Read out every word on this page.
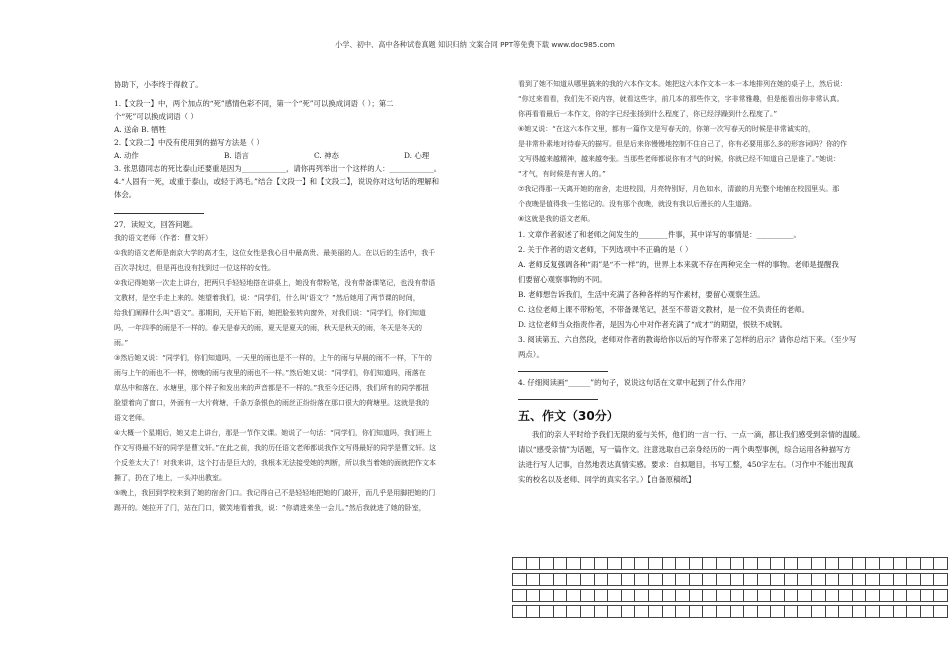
小学、初中、高中各种试卷真题 知识归纳 文案合同 PPT等免费下载 www.doc985.com
协助下，小李终于得救了。
1.【文段一】中，两个加点的“死”感情色彩不同，第一个“死”可以换成词语（ ）；第二
个“死”可以换成词语（ ）
A. 送命 B. 牺牲
2.【文段二】中没有使用到的描写方法是（ ）
A. 动作	B. 语言	C. 神态	D. 心理
3. 张思德同志的死比泰山还要重是因为____________，请你再列举出一个这样的人：____________。
4.“人固有一死，或重于泰山，或轻于鸿毛。”结合【文段一】和【文段二】，说说你对这句话的理解和
体会。
27．读短文，回答问题。
我的语文老师（作者：曹文轩）
①我的语文老师是南京大学的高才生，这位女性是我心目中最高贵、最美丽的人。在以后的生活中，我千
百次寻找过，但是再也没有找到过一位这样的女性。
②我记得她第一次走上讲台，把两只手轻轻地搭在讲桌上，她没有带粉笔，没有带备课笔记，也没有带语
文教材，是空手走上来的。她望着我们，说：“同学们，什么叫‘语文’？”然后她用了两节课的时间，
给我们阐释什么叫“语文”。那期间，天开始下雨，她把脸张转向窗外，对我们说：“同学们，你们知道
吗，一年四季的雨是不一样的。春天是春天的雨，夏天是夏天的雨，秋天是秋天的雨，冬天是冬天的
雨。”
③然后她又说：“同学们，你们知道吗，一天里的雨也是不一样的，上午的雨与早晨的雨不一样，下午的
雨与上午的雨也不一样，傍晚的雨与夜里的雨也不一样。”然后她又说：“同学们，你们知道吗，雨落在
草丛中和落在、水塘里，那个样子和发出来的声音都是不一样的。”我至今还记得，我们所有的同学都扭
脸望着向了窗口，外面有一大片荷塘，千条万条银色的雨丝正纷纷落在那口很大的荷塘里。这就是我的
语文老师。
④大概一个星期后，她又走上讲台，那是一节作文课。她说了一句话：“同学们，你们知道吗，我们班上
作文写得最不好的同学是曹文轩。”在此之前，我的历任语文老师都说我作文写得最好的同学是曹文轩。这
个反差太大了！对我来讲，这个打击是巨大的，我根本无法接受她的判断，所以我当着她的面就把作文本
撕了，扔在了地上，一头冲出教室。
⑤晚上，我回到学校来到了她的宿舍门口。我记得自己不是轻轻地把她的门敲开，而几乎是用脚把她的门
踢开的。她拉开了门，站在门口，微笑地看着我，说：“你请进来坐一会儿。”然后我就进了她的卧室，
看到了她不知道从哪里搞来的我的六本作文本。她把这六本作文本一本一本地排列在她的桌子上，然后说：
“你过来看看，我们先不说内容，就看这些字，前几本的那些作文，字非常雅趣，但是能看出你非常认真。
你再看看最后一本作文，你的字已经张扬到什么程度了，你已经浮躁到什么程度了。”
⑥她又说：“在这六本作文里，都有一篇作文是写春天的，你第一次写春天的时候是非常诚实的，
是非常朴素地对待春天的描写。但是后来你慢慢地控制不住自己了，你有必要用那么多的形容词吗？你的作
文写得越来越精神，越来越夸张。当那些老师都说你有才气的时候，你就已经不知道自己是谁了。”她说：
“才气，有时候是有害人的。”
⑦我记得那一天离开她的宿舍，走进校园，月亮特别好，月色如水，清澈的月光整个地铺在校园里头。那
个夜晚是值得我一生铭记的。没有那个夜晚，就没有我以后漫长的人生道路。
⑧这就是我的语文老师。
1. 文章作者叙述了和老师之间发生的________件事，其中详写的事情是：__________。
2. 关于作者的语文老师，下列选项中不正确的是（ ）
A. 老师反复强调各种“雨”是“不一样”的，世界上本来就不存在两种完全一样的事物。老师是提醒我
们要留心观察事物的不同。
B. 老师想告诉我们，生活中充满了各种各样的写作素材，要留心观察生活。
C. 这位老师上课不带粉笔，不带备课笔记，甚至不带语文教材，是一位不负责任的老师。
D. 这位老师当众指责作者，是因为心中对作者充满了“成才”的期望，恨铁不成钢。
3. 阅读第五、六自然段，老师对作者的教诲给你以后的写作带来了怎样的启示？请你总结下来。（至少写
两点）。
4. 仔细阅读画“______”的句子，说说这句话在文章中起到了什么作用？
五、作文（30分）
我们的亲人平时给予我们无限的爱与关怀，他们的一言一行、一点一滴，都让我们感受到亲情的温暖。
请以“感受亲情”为话题，写一篇作文。注意选取自己亲身经历的一两个典型事例，综合运用各种描写方
法进行写人记事，自然地表达真情实感。要求：自拟题目，书写工整，450字左右。（习作中不能出现真
实的校名以及老师、同学的真实名字。）【自备原稿纸】
